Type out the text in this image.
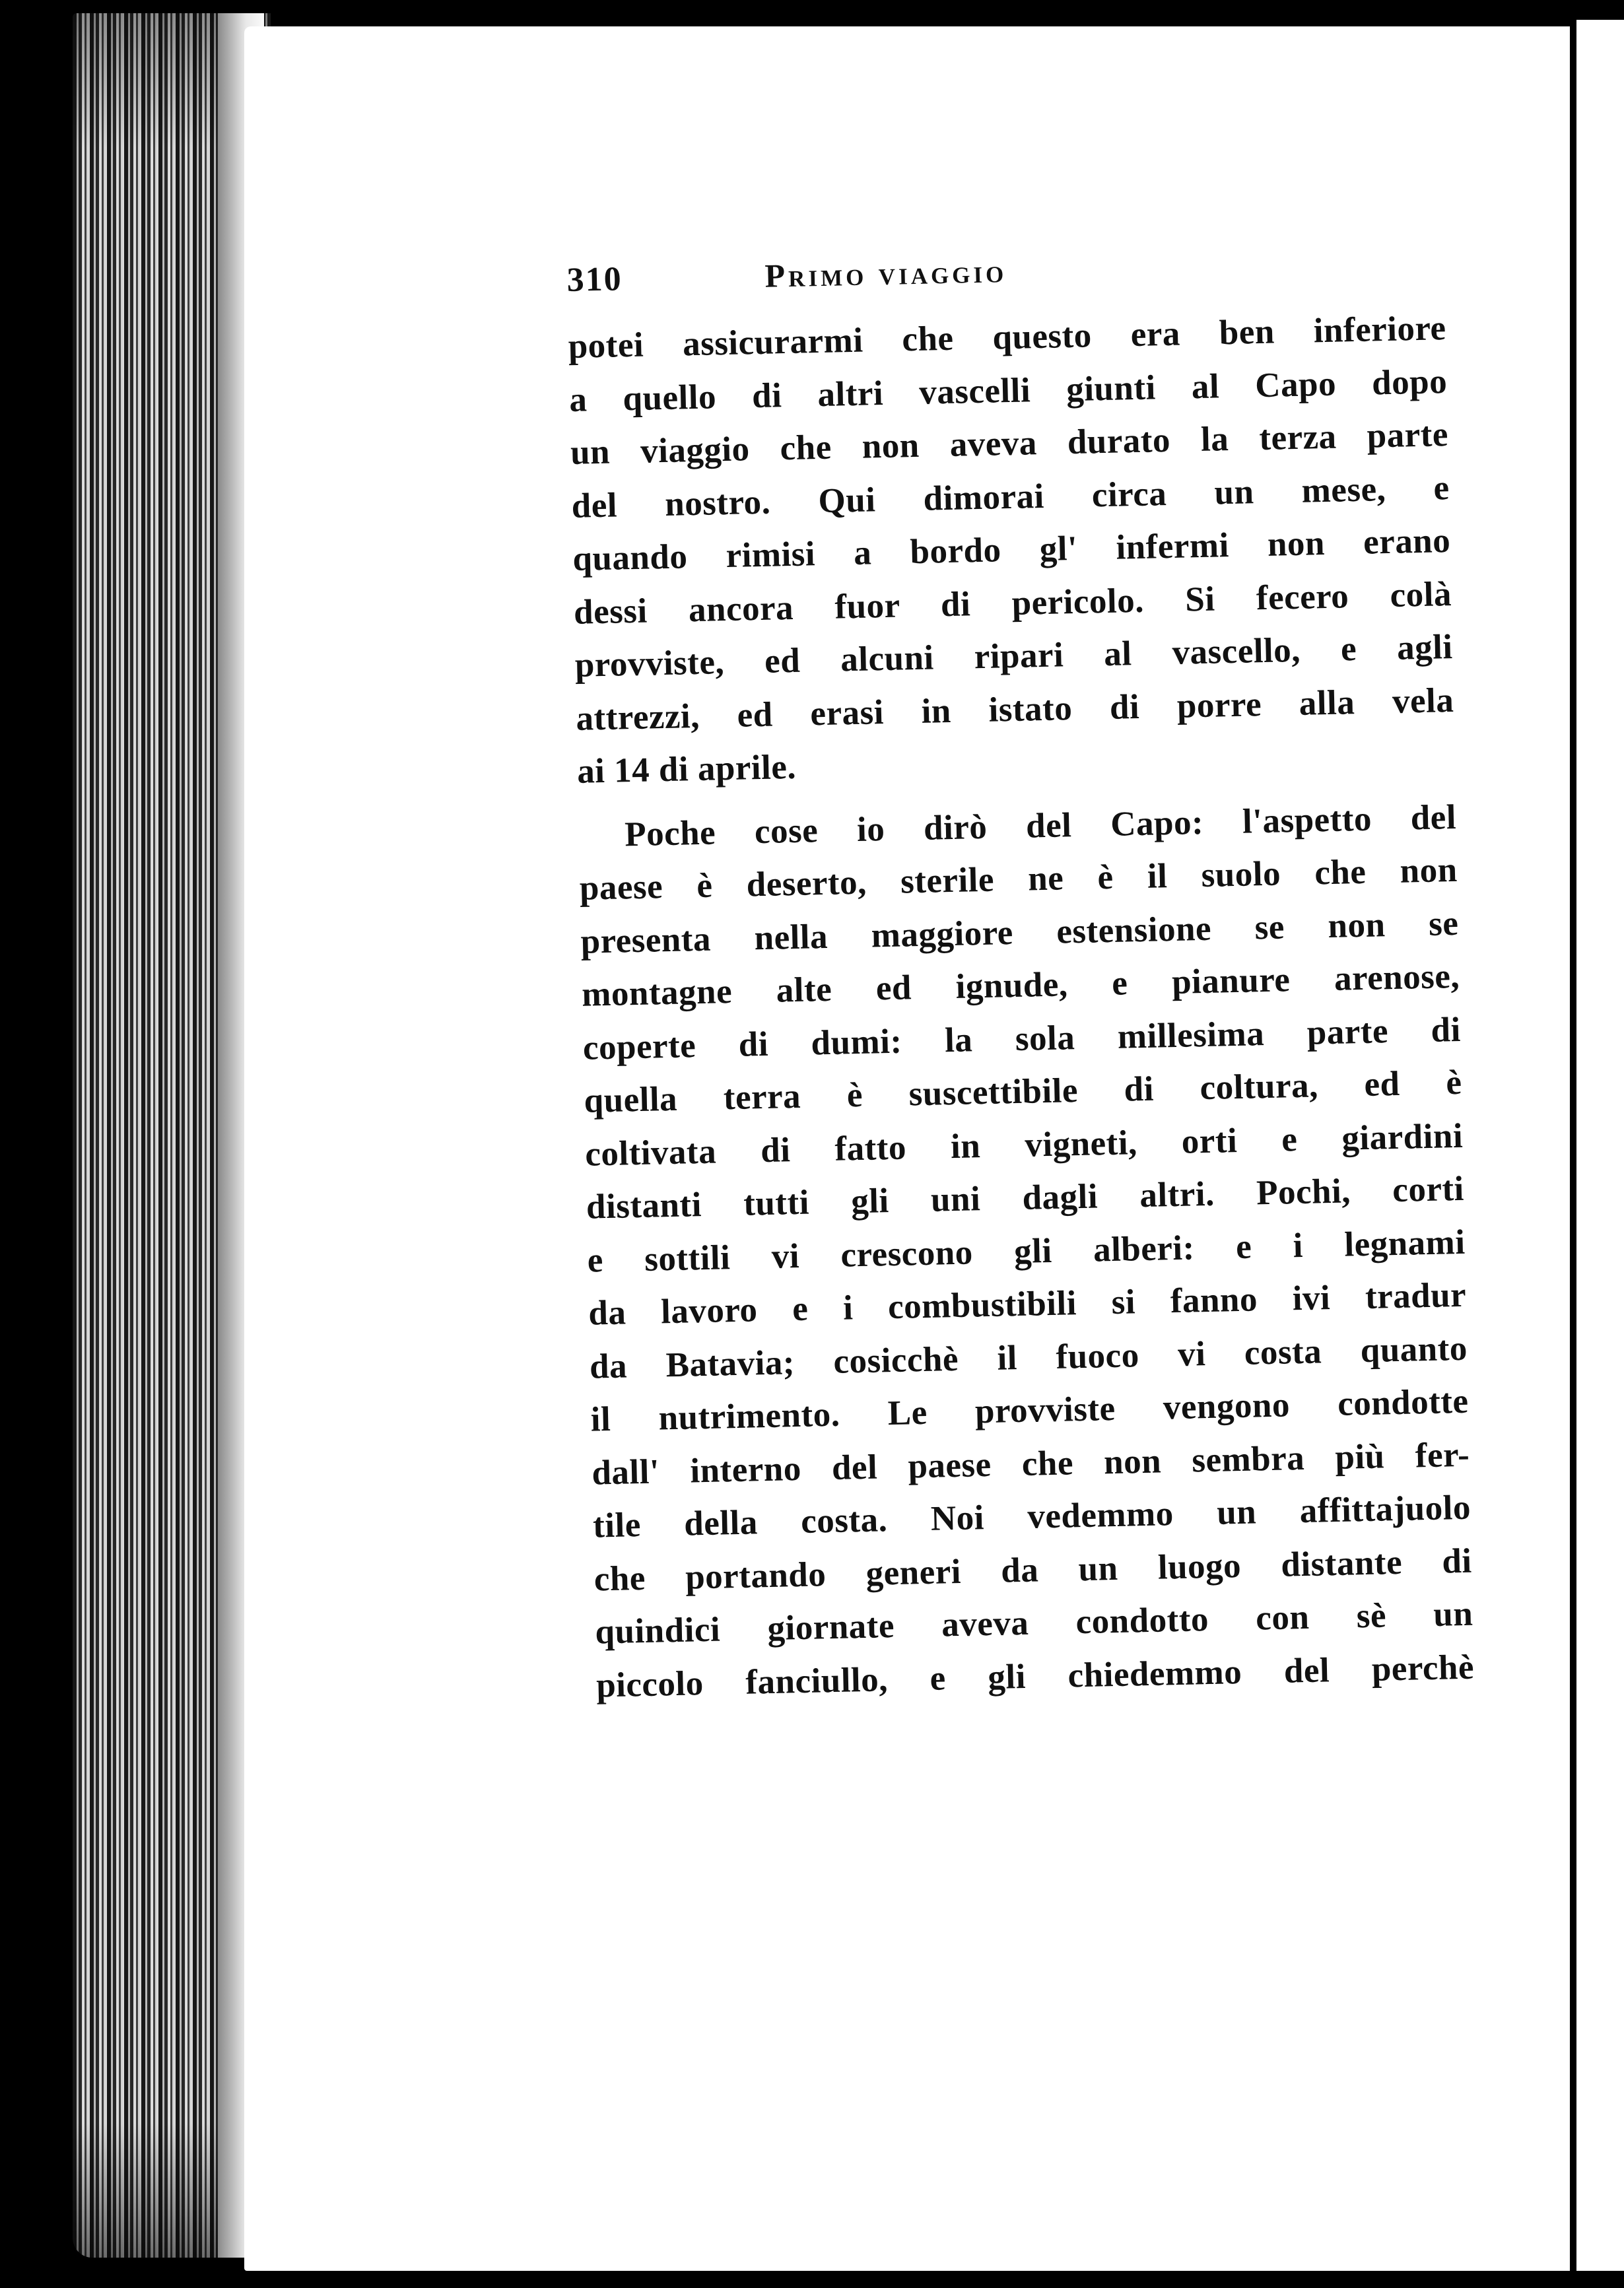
310	Primo viaggio
potei assicurarmi che questo era ben inferiore
a quello di altri vascelli giunti al Capo dopo
un viaggio che non aveva durato la terza parte
del nostro. Qui dimorai circa un mese, e
quando rimisi a bordo gl' infermi non erano
dessi ancora fuor di pericolo. Si fecero colà
provviste, ed alcuni ripari al vascello, e agli
attrezzi, ed erasi in istato di porre alla vela
ai 14 di aprile.
Poche cose io dirò del Capo: l'aspetto del
paese è deserto, sterile ne è il suolo che non
presenta nella maggiore estensione se non se
montagne alte ed ignude, e pianure arenose,
coperte di dumi: la sola millesima parte di
quella terra è suscettibile di coltura, ed è
coltivata di fatto in vigneti, orti e giardini
distanti tutti gli uni dagli altri. Pochi, corti
e sottili vi crescono gli alberi: e i legnami
da lavoro e i combustibili si fanno ivi tradur
da Batavia; cosicchè il fuoco vi costa quanto
il nutrimento. Le provviste vengono condotte
dall' interno del paese che non sembra più fer-
tile della costa. Noi vedemmo un affittajuolo
che portando generi da un luogo distante di
quindici giornate aveva condotto con sè un
piccolo fanciullo, e gli chiedemmo del perchè
